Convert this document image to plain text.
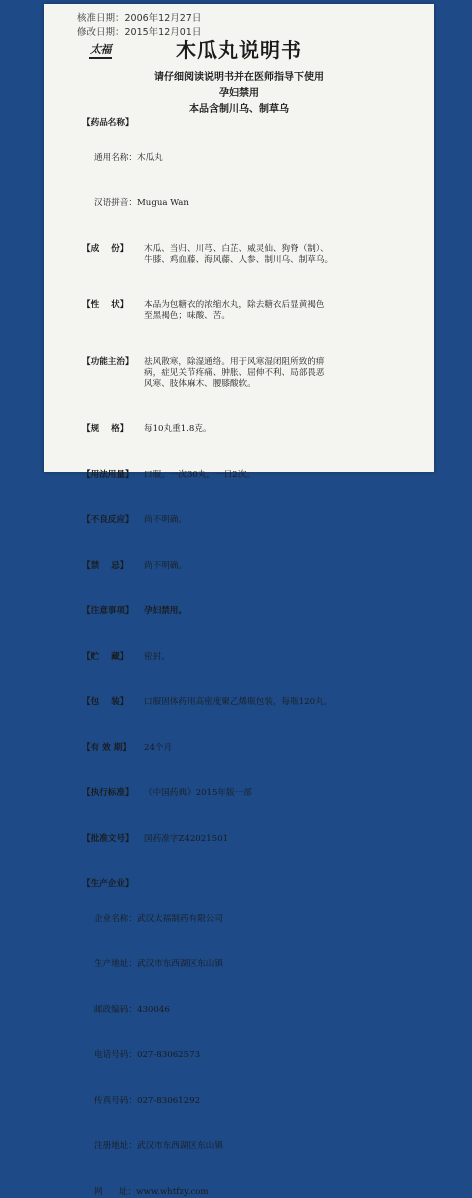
核准日期：2006年12月27日
修改日期：2015年12月01日
太福	木瓜丸说明书
请仔细阅读说明书并在医师指导下使用
孕妇禁用
本品含制川乌、制草乌
【药品名称】
通用名称： 木瓜丸
汉语拼音： Mugua Wan
【成    份】	木瓜、当归、川芎、白芷、威灵仙、狗脊（制）、
牛膝、鸡血藤、海风藤、人参、制川乌、制草乌。
【性    状】	本品为包糖衣的浓缩水丸，除去糖衣后显黄褐色
至黑褐色；味酸、苦。
【功能主治】	祛风散寒，除湿通络。用于风寒湿闭阻所致的痹
病，症见关节疼痛、肿胀、屈伸不利、局部畏恶
风寒、肢体麻木、腰膝酸软。
【规    格】	每10丸重1.8克。
【用法用量】	口服。一次30丸，一日2次。
【不良反应】	尚不明确。
【禁    忌】	尚不明确。
【注意事项】	孕妇禁用。
【贮    藏】	密封。
【包    装】	口服固体药用高密度聚乙烯瓶包装，每瓶120丸。
【有 效 期】	24个月
【执行标准】	《中国药典》2015年版一部
【批准文号】	国药准字Z42021501
【生产企业】
企业名称： 武汉太福制药有限公司
生产地址： 武汉市东西湖区东山镇
邮政编码： 430046
电话号码： 027-83062573
传真号码： 027-83061292
注册地址： 武汉市东西湖区东山镇
网      址： www.whtfzy.com
